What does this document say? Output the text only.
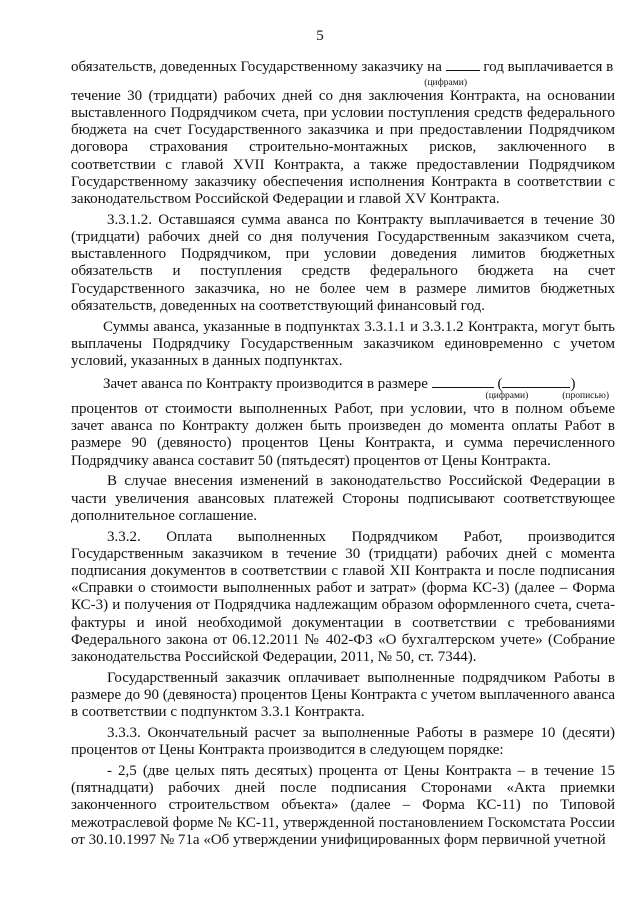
5
обязательств, доведенных Государственному заказчику на	год выплачивается в
(цифрами)
течение 30 (тридцати) рабочих дней со дня заключения Контракта, на основании выставленного Подрядчиком счета, при условии поступления средств федерального бюджета на счет Государственного заказчика и при предоставлении Подрядчиком договора страхования строительно-монтажных рисков, заключенного в соответствии с главой XVII Контракта, а также предоставлении Подрядчиком Государственному заказчику обеспечения исполнения Контракта в соответствии с законодательством Российской Федерации и главой XV Контракта.
3.3.1.2. Оставшаяся сумма аванса по Контракту выплачивается в течение 30 (тридцати) рабочих дней со дня получения Государственным заказчиком счета, выставленного Подрядчиком, при условии доведения лимитов бюджетных обязательств и поступления средств федерального бюджета на счет Государственного заказчика, но не более чем в размере лимитов бюджетных обязательств, доведенных на соответствующий финансовый год.
Суммы аванса, указанные в подпунктах 3.3.1.1 и 3.3.1.2 Контракта, могут быть выплачены Подрядчику Государственным заказчиком единовременно с учетом условий, указанных в данных подпунктах.
Зачет аванса по Контракту производится в размере	(	)
(цифрами)	(прописью)
процентов от стоимости выполненных Работ, при условии, что в полном объеме зачет аванса по Контракту должен быть произведен до момента оплаты Работ в размере 90 (девяносто) процентов Цены Контракта, и сумма перечисленного Подрядчику аванса составит 50 (пятьдесят) процентов от Цены Контракта.
В случае внесения изменений в законодательство Российской Федерации в части увеличения авансовых платежей Стороны подписывают соответствующее дополнительное соглашение.
3.3.2. Оплата выполненных Подрядчиком Работ, производится Государственным заказчиком в течение 30 (тридцати) рабочих дней с момента подписания документов в соответствии с главой XII Контракта и после подписания «Справки о стоимости выполненных работ и затрат» (форма КС-3) (далее – Форма КС-3) и получения от Подрядчика надлежащим образом оформленного счета, счета-фактуры и иной необходимой документации в соответствии с требованиями Федерального закона от 06.12.2011 № 402-ФЗ «О бухгалтерском учете» (Собрание законодательства Российской Федерации, 2011, № 50, ст. 7344).
Государственный заказчик оплачивает выполненные подрядчиком Работы в размере до 90 (девяноста) процентов Цены Контракта с учетом выплаченного аванса в соответствии с подпунктом 3.3.1 Контракта.
3.3.3. Окончательный расчет за выполненные Работы в размере 10 (десяти) процентов от Цены Контракта производится в следующем порядке:
- 2,5 (две целых пять десятых) процента от Цены Контракта – в течение 15 (пятнадцати) рабочих дней после подписания Сторонами «Акта приемки законченного строительством объекта» (далее – Форма КС-11) по Типовой межотраслевой форме № КС-11, утвержденной постановлением Госкомстата России от 30.10.1997 № 71а «Об утверждении унифицированных форм первичной учетной
